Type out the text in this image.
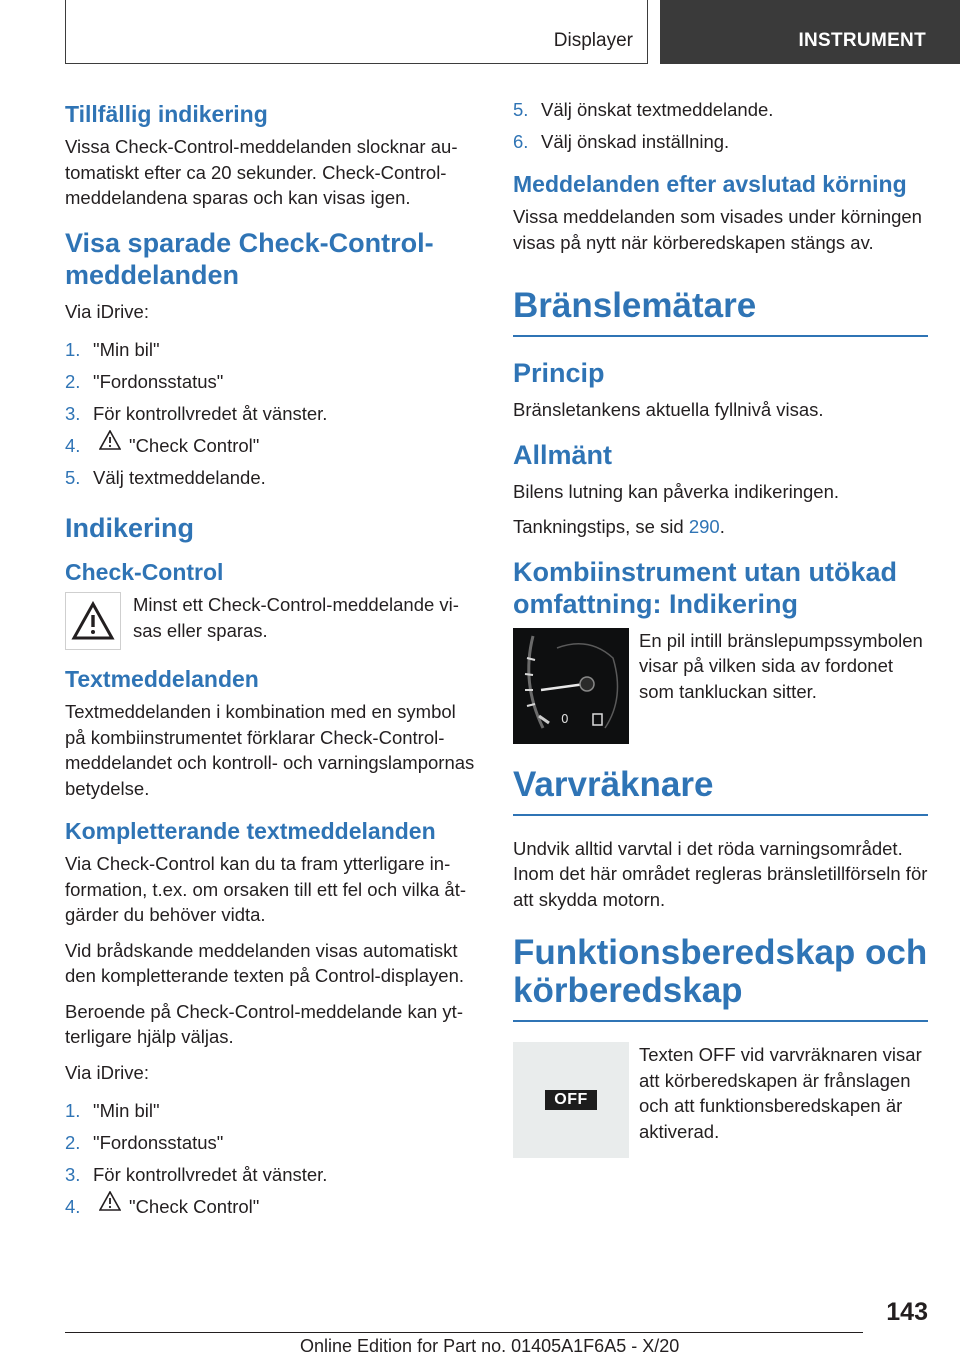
Displayer	INSTRUMENT
Tillfällig indikering

Vissa Check-Control-meddelanden slocknar automatiskt efter ca 20 sekunder. Check-Control-meddelandena sparas och kan visas igen.

Visa sparade Check-Control-meddelanden

Via iDrive:

1. "Min bil"
2. "Fordonsstatus"
3. För kontrollvredet åt vänster.
4.	"Check Control"
5. Välj textmeddelande.
Indikering
Check-Control

Minst ett Check-Control-meddelande visas eller sparas.

Textmeddelanden

Textmeddelanden i kombination med en symbol på kombiinstrumentet förklarar Check-Control-meddelandet och kontroll- och varningslampornas betydelse.

Kompletterande textmeddelanden

Via Check-Control kan du ta fram ytterligare information, t.ex. om orsaken till ett fel och vilka åtgärder du behöver vidta.

Vid brådskande meddelanden visas automatiskt den kompletterande texten på Control-displayen.

Beroende på Check-Control-meddelande kan ytterligare hjälp väljas.

Via iDrive:

1. "Min bil"
2. "Fordonsstatus"
3. För kontrollvredet åt vänster.
4.	"Check Control"
5. Välj önskat textmeddelande.
6. Välj önskad inställning.
Meddelanden efter avslutad körning

Vissa meddelanden som visades under körningen visas på nytt när körberedskapen stängs av.

Bränslemätare
Princip

Bränsletankens aktuella fyllnivå visas.

Allmänt

Bilens lutning kan påverka indikeringen.

Tankningstips, se sid 290.

Kombiinstrument utan utökad omfattning: Indikering
0

En pil intill bränslepumpssymbolen visar på vilken sida av fordonet som tankluckan sitter.

Varvräknare

Undvik alltid varvtal i det röda varningsområdet. Inom det här området regleras bränsletillförseln för att skydda motorn.

Funktionsberedskap och körberedskap
OFF

Texten OFF vid varvräknaren visar att körberedskapen är frånslagen och att funktionsberedskapen är aktiverad.

143
Online Edition for Part no. 01405A1F6A5 - X/20
